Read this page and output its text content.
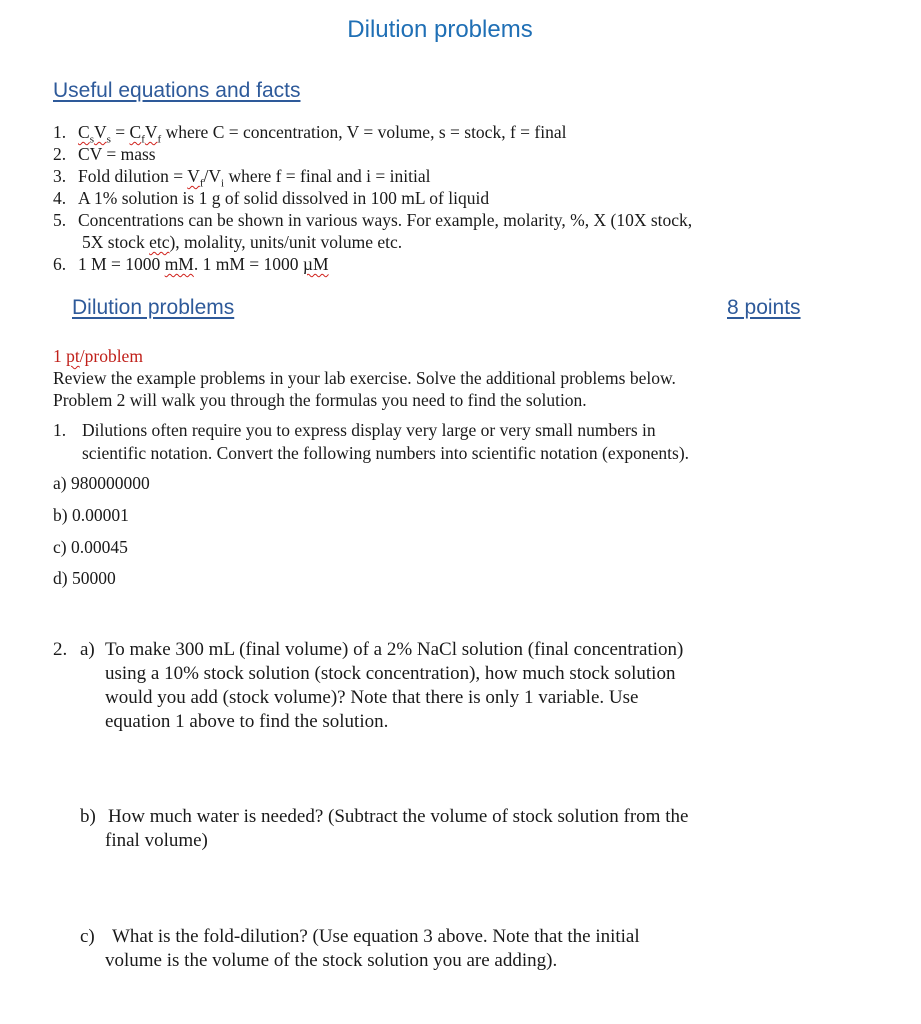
Dilution problems
Useful equations and facts
1. $C_sV_s = C_fV_f$ where C = concentration, V = volume, s = stock, f = final
2. CV = mass
3. Fold dilution = $V_f/V_i$ where f = final and i = initial
4. A 1% solution is 1 g of solid dissolved in 100 mL of liquid
5. Concentrations can be shown in various ways. For example, molarity, %, X (10X stock,
5X stock etc), molality, units/unit volume etc.
6. 1 M = 1000 mM. 1 mM = 1000 µM
Dilution problems	8 points
1 pt/problem
Review the example problems in your lab exercise. Solve the additional problems below.
Problem 2 will walk you through the formulas you need to find the solution.
1. Dilutions often require you to express display very large or very small numbers in
scientific notation. Convert the following numbers into scientific notation (exponents).
a) 980000000
b) 0.00001
c) 0.00045
d) 50000
2. a) To make 300 mL (final volume) of a 2% NaCl solution (final concentration)
using a 10% stock solution (stock concentration), how much stock solution
would you add (stock volume)? Note that there is only 1 variable. Use
equation 1 above to find the solution.
b) How much water is needed? (Subtract the volume of stock solution from the
final volume)
c) What is the fold-dilution? (Use equation 3 above. Note that the initial
volume is the volume of the stock solution you are adding).
